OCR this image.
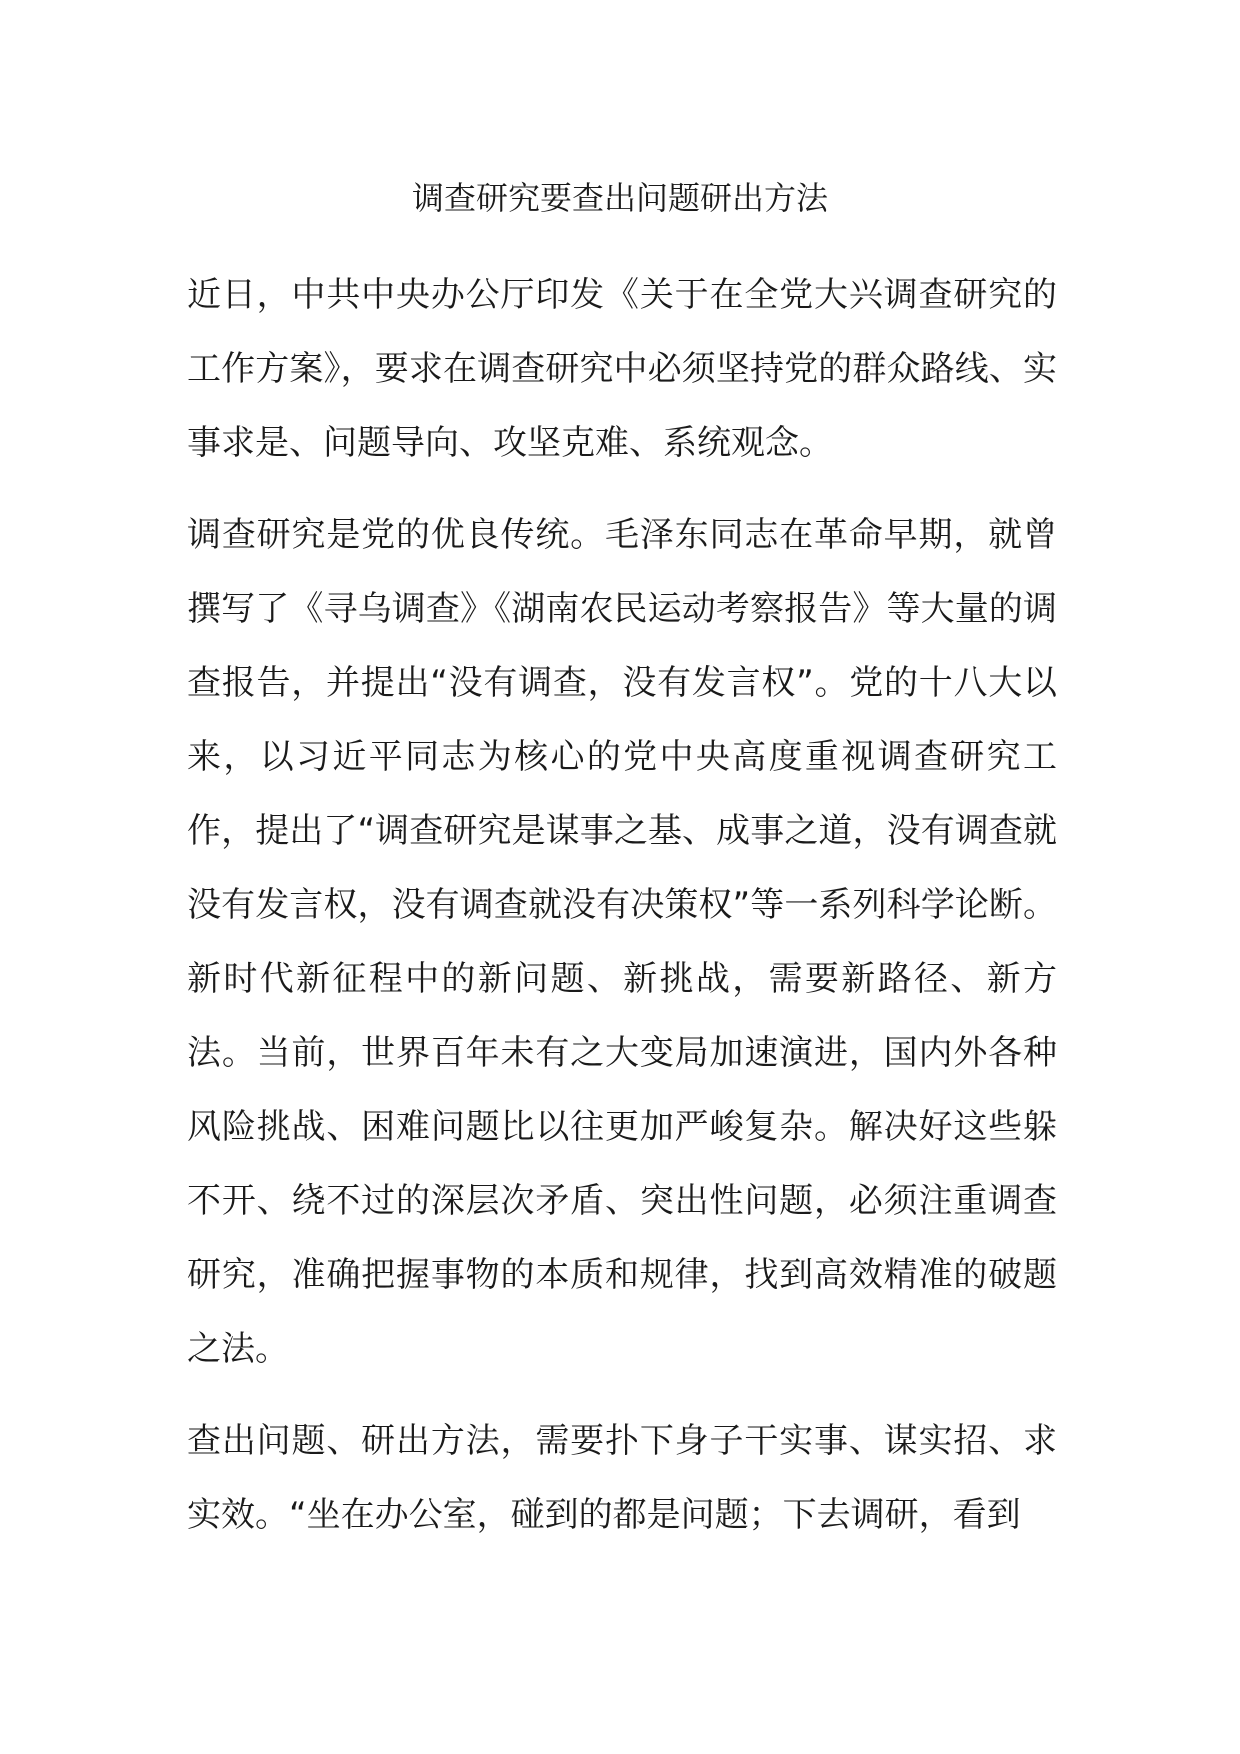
调查研究要查出问题研出方法

近日，中共中央办公厅印发《关于在全党大兴调查研究的工作方案》，要求在调查研究中必须坚持党的群众路线、实事求是、问题导向、攻坚克难、系统观念。

调查研究是党的优良传统。毛泽东同志在革命早期，就曾撰写了《寻乌调查》《湖南农民运动考察报告》等大量的调查报告，并提出“没有调查，没有发言权”。党的十八大以来，以习近平同志为核心的党中央高度重视调查研究工作，提出了“调查研究是谋事之基、成事之道，没有调查就没有发言权，没有调查就没有决策权”等一系列科学论断。新时代新征程中的新问题、新挑战，需要新路径、新方法。当前，世界百年未有之大变局加速演进，国内外各种风险挑战、困难问题比以往更加严峻复杂。解决好这些躲不开、绕不过的深层次矛盾、突出性问题，必须注重调查研究，准确把握事物的本质和规律，找到高效精准的破题之法。

查出问题、研出方法，需要扑下身子干实事、谋实招、求实效。“坐在办公室，碰到的都是问题；下去调研，看到
